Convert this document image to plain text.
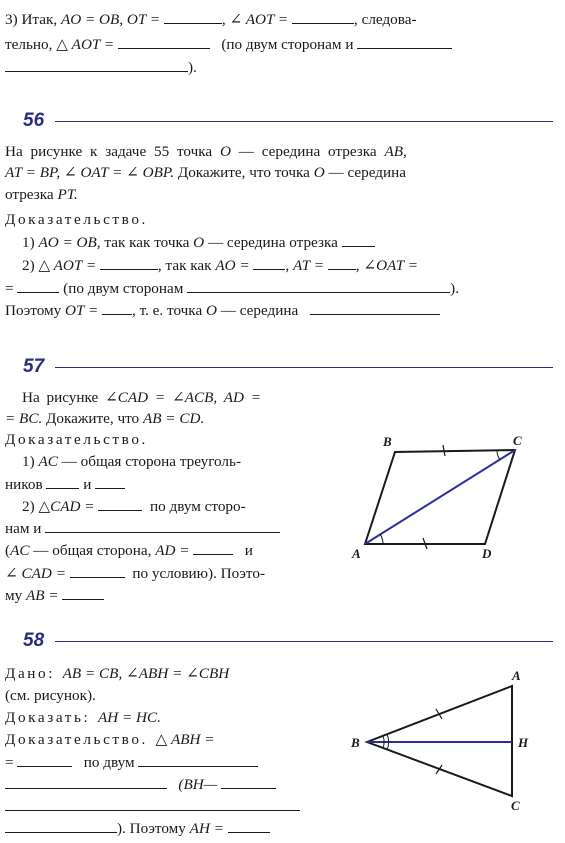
3) Итак, AO = OB, OT =	, ∠ AOT =	, следова-
тельно, △ AOT =	(по двум сторонам и
).
56
На рисунке к задаче 55 точка O — середина отрезка AB,
AT = BP, ∠ OAT = ∠ OBP. Докажите, что точка O — середина
отрезка PT.
Доказательство.
1) AO = OB, так как точка O — середина отрезка
2) △ AOT =	, так как AO = , AT = , ∠OAT =
=	(по двум сторонам	).
Поэтому OT = , т. е. точка O — середина
57
На рисунке ∠CAD = ∠ACB, AD =
= BC. Докажите, что AB = CD.
Доказательство.
1) AC — общая сторона треуголь-
ников	и
2) △CAD =	по двум сторо-
нам и
(AC — общая сторона, AD =	и
∠ CAD =	по условию). Поэто-
му AB =
B	C
A	D
58
Дано: AB = CB, ∠ABH = ∠CBH
(см. рисунок).
Доказать: AH = HC.
Доказательство. △ ABH =
=	по двум
(BH—
). Поэтому AH =
A
B	H
C
